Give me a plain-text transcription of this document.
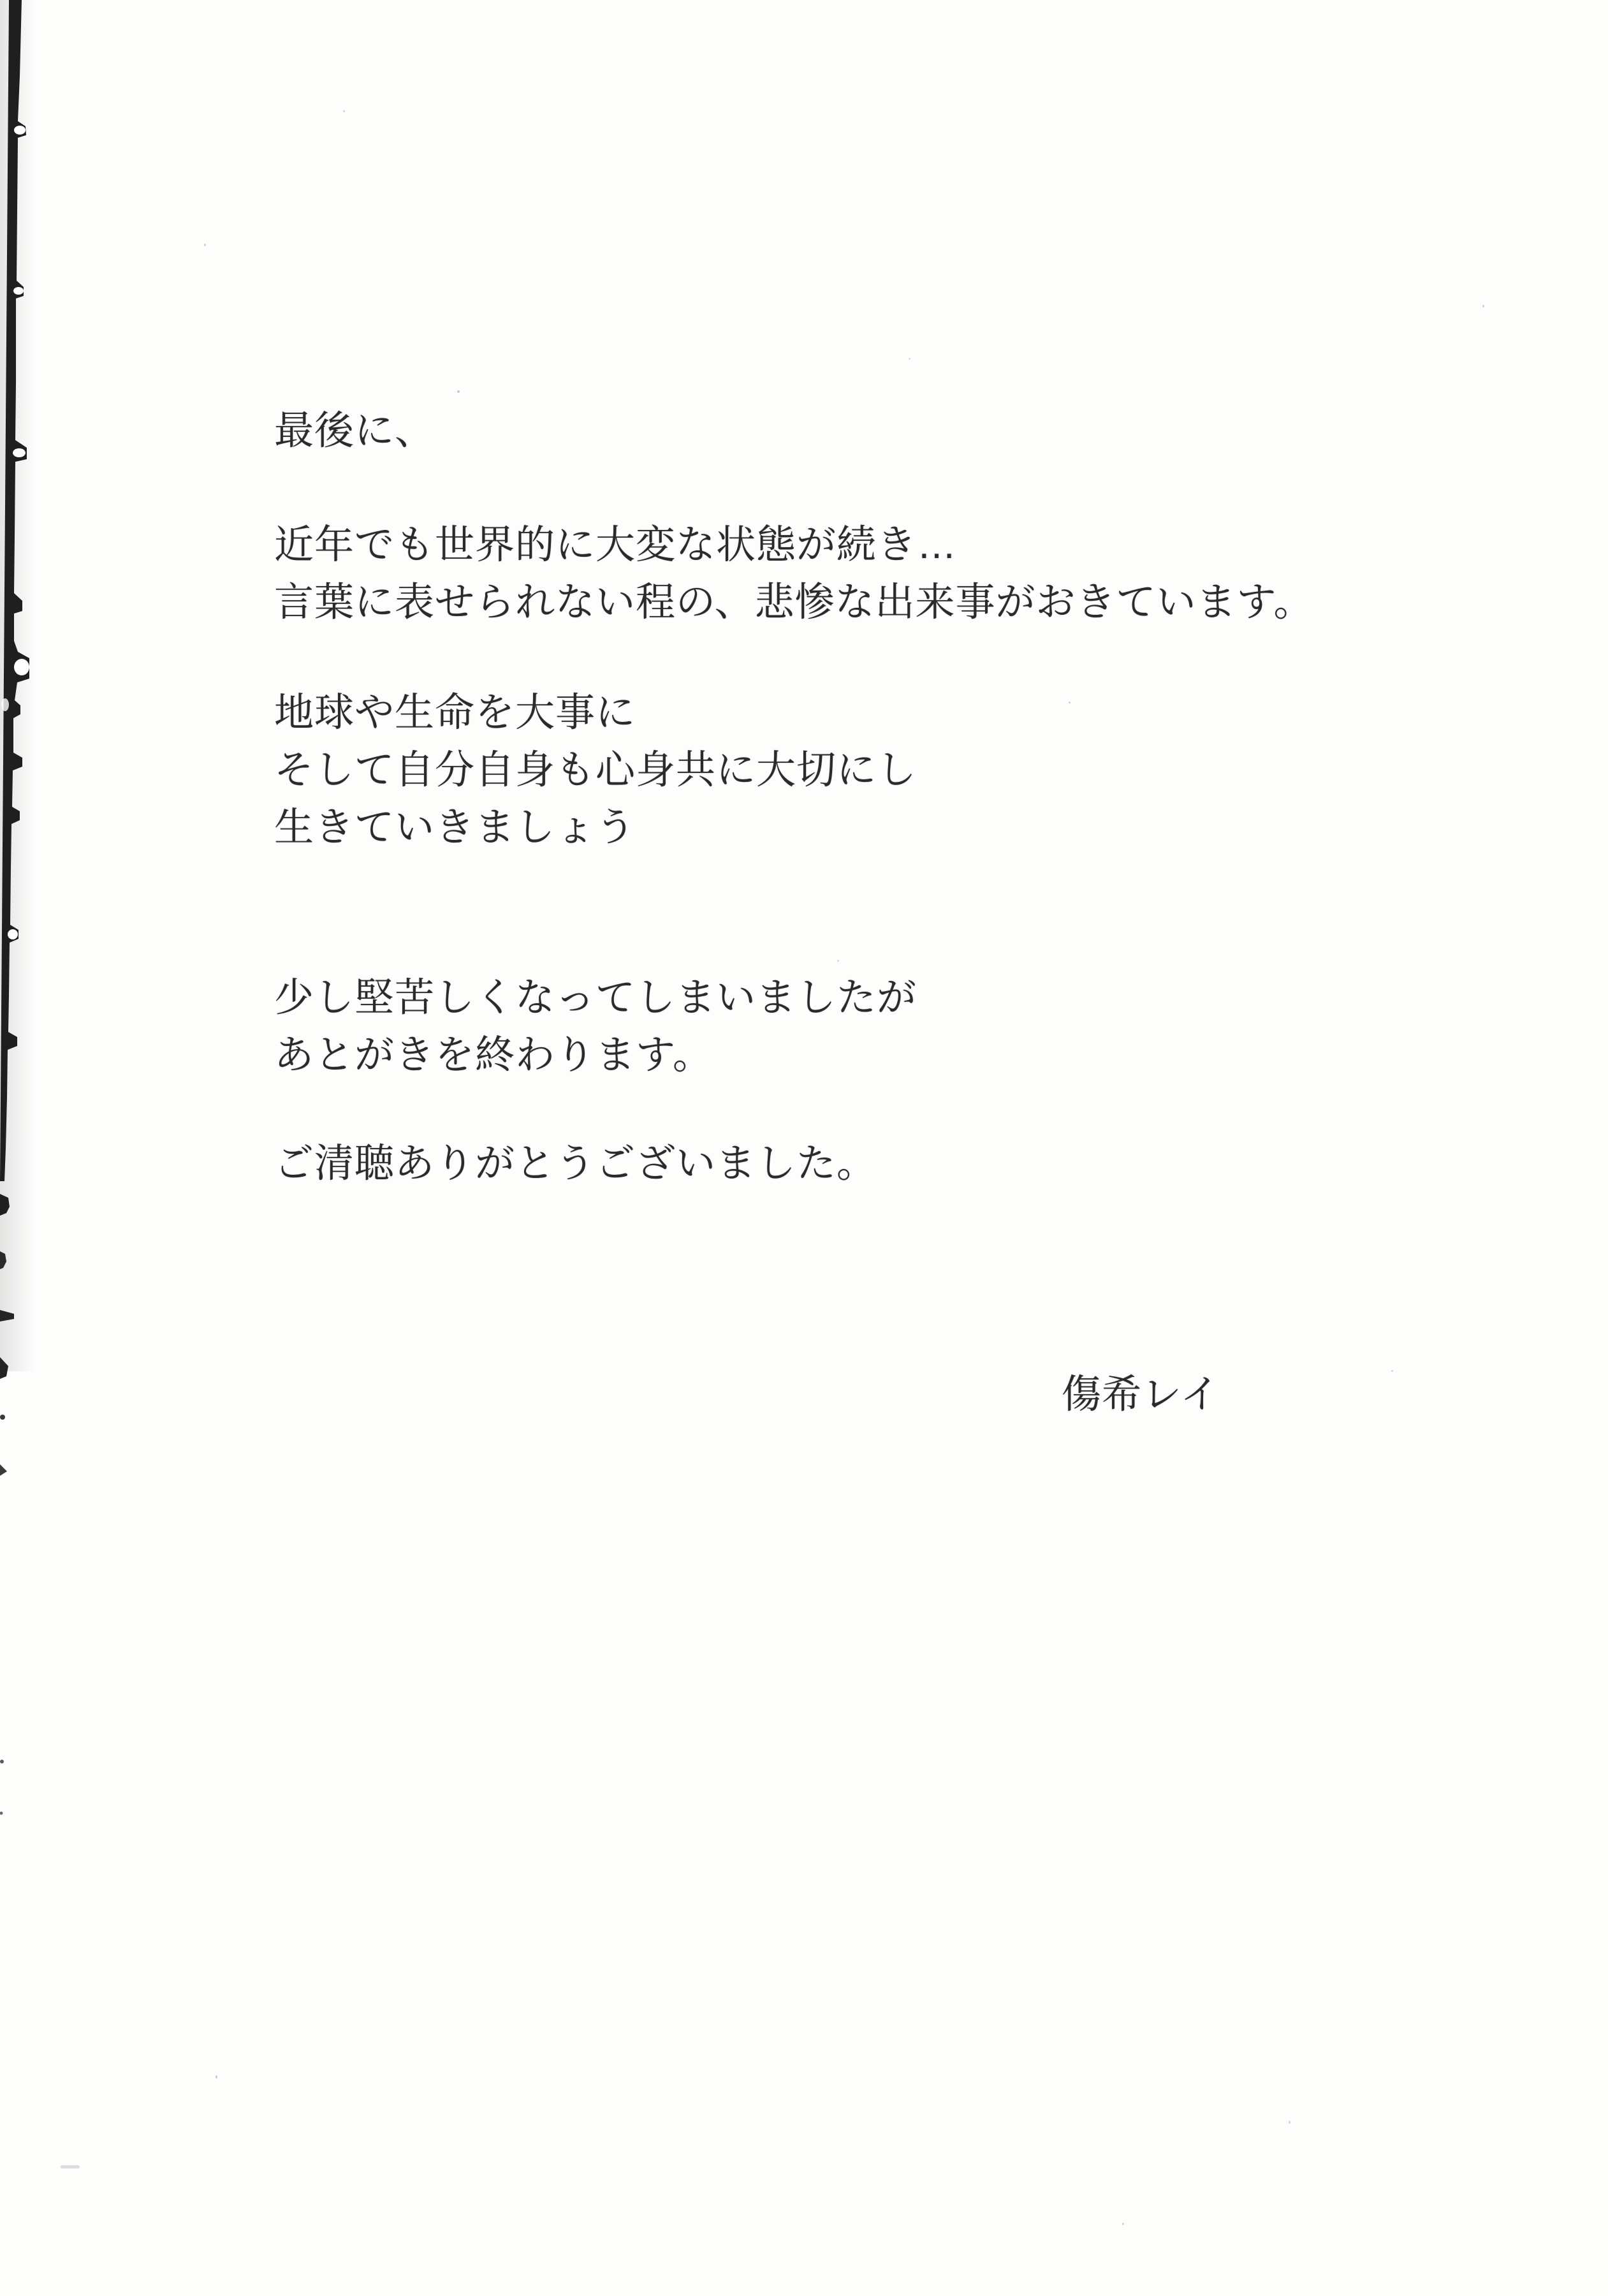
最後に、
近年でも世界的に大変な状態が続き…
言葉に表せられない程の、悲惨な出来事がおきています。
地球や生命を大事に
そして自分自身も心身共に大切にし
生きていきましょう
少し堅苦しくなってしまいましたが
あとがきを終わります。
ご清聴ありがとうございました。
傷希レイ
